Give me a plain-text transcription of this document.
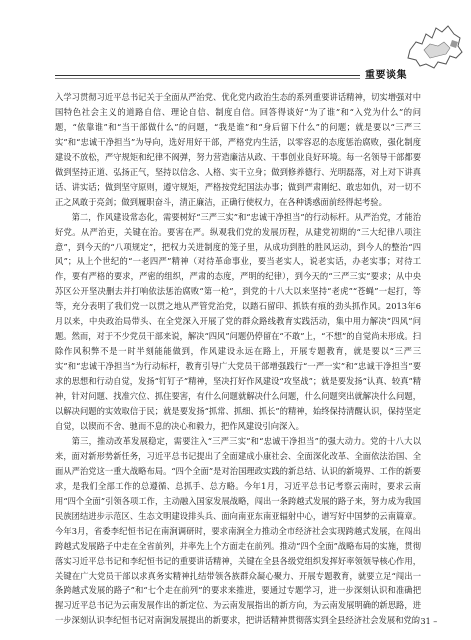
重要谈集

入学习贯彻习近平总书记关于全面从严治党、优化党内政治生态的系列重要讲话精神，切实增强对中国特色社会主义的道路自信、理论自信、制度自信。回答得谈好“为了谁”和“入党为什么”的问题，“依靠谁”和“当干部做什么”的问题，“我是谁”和“身后留下什么”的问题；就是要以“三严三实”和“忠诚干净担当”为导向，选好用好干部，严格党内生活，以零容忍的态度惩治腐败，强化制度建设不放松，严守规矩和纪律不阀弹，努力营造廉洁从政、干事创业良好环境。每一名领导干部都要做到坚持正道、弘扬正气，坚持以信念、人格、实干立身；做到修养德行、光明磊落，对上对下讲真话、讲实话；做到坚守原则，遵守规矩，严格按党纪国法办事；做到严肃刚纪、敢忠如仇，对一切不正之风敢于亮剑；做到履职奋斗，清正廉洁，正确行使权力，在各种诱惑面前经得起考验。

第二，作风建设常态化，需要树好“三严三实”和“忠诚干净担当”的行动标杆。从严治党，才能治好党。从严治吏，关键在治。要害在严。纵观我们党的发展历程，从建党初期的“三大纪律八项注意”，到今天的“八项规定”，把权力关进制度的笼子里，从成功到胜的胜风运动，到今人的整治“四风”；从上个世纪的“一老四严”精神（对待革命事业，要当老实人，说老实话，办老实事；对待工作，要有严格的要求，严密的组织，严肃的态度，严明的纪律），到今天的“三严三实”要求；从中央苏区公开坚决删去并打响依法惩治腐败“第一枪”，到党的十八大以来坚持“老虎”“苍蝇”一起打，等等，充分表明了我们党一以贯之地从严管党治党，以踏石留印、抓铁有痕的劲头抓作风。2013年6月以来，中央政治局带头、在全党深入开展了党的群众路线教育实践活动，集中用力解决“四风”问题。然而，对于不少党员干部来说，解决“四风”问题仍停留在“不敢”上，“不想”的自觉尚未形成。扫除作风积弊不是一时半刻能能做到，作风建设永远在路上，开展专题教育，就是要以“三严三实”和“忠诚干净担当”为行动标杆，教育引导广大党员干部增强践行“一严一实”和“忠诚干净担当”要求的思想和行动自觉，发扬“钉钉子”精神，坚决打好作风建设“攻坚战”；就是要发扬“认真、较真”精神，针对问题、找准穴位、抓住要害，有什么问题就解决什么问题，什么问题突出就解决什么问题，以解决问题的实效取信于民；就是要发扬“抓常、抓细、抓长”的精神，始终保持清醒认识，保持坚定自觉，以锲而不舍、驰而不息的决心和毅力，把作风建设引向深入。

第三，推动改革发展稳定，需要注入“三严三实”和“忠诚干净担当”的强大动力。党的十八大以来，面对新形势新任务，习近平总书记提出了全面建成小康社会、全面深化改革、全面依法治国、全面从严治党这一重大战略布局。“四个全面”是对治国理政实践的新总结、认识的新境界、工作的新要求，是我们全部工作的总遵循、总抓手、总方略。今年1月，习近平总书记考察云南时，要求云南用“四个全面”引领各项工作，主动融入国家发展战略，闯出一条跨越式发展的路子来，努力成为我国民族团结进步示范区、生态文明建设排头兵、面向南亚东南亚辐射中心，谱写好中国梦的云南篇章。今年3月，省委李纪恒书记在南涧调研时，要求南涧全力推动全市经济社会实现跨越式发展，在闯出跨越式发展路子中走在全省前列，并率先上个方面走在前列。推动“四个全面”战略布局的实施，贯彻落实习近平总书记和李纪恒书记的重要讲话精神，关键在全县各级党组织发挥好率领领导核心作用，关键在广大党员干部以求真务实精神扎结带领各族群众凝心聚力、开展专题教育，就要立足“闯出一条跨越式发展的路子”和“七个走在前列”的要求来推进，要通过专题学习，进一步深刻认识和准确把握习近平总书记为云南发展作出的新定位、为云南发展指出的新方向，为云南发展明确的新思路，进一步深刻认识李纪恒书记对南涧发展提出的新要求，把讲话精神贯彻落实到全县经济社会发展和党的

– 31 –
